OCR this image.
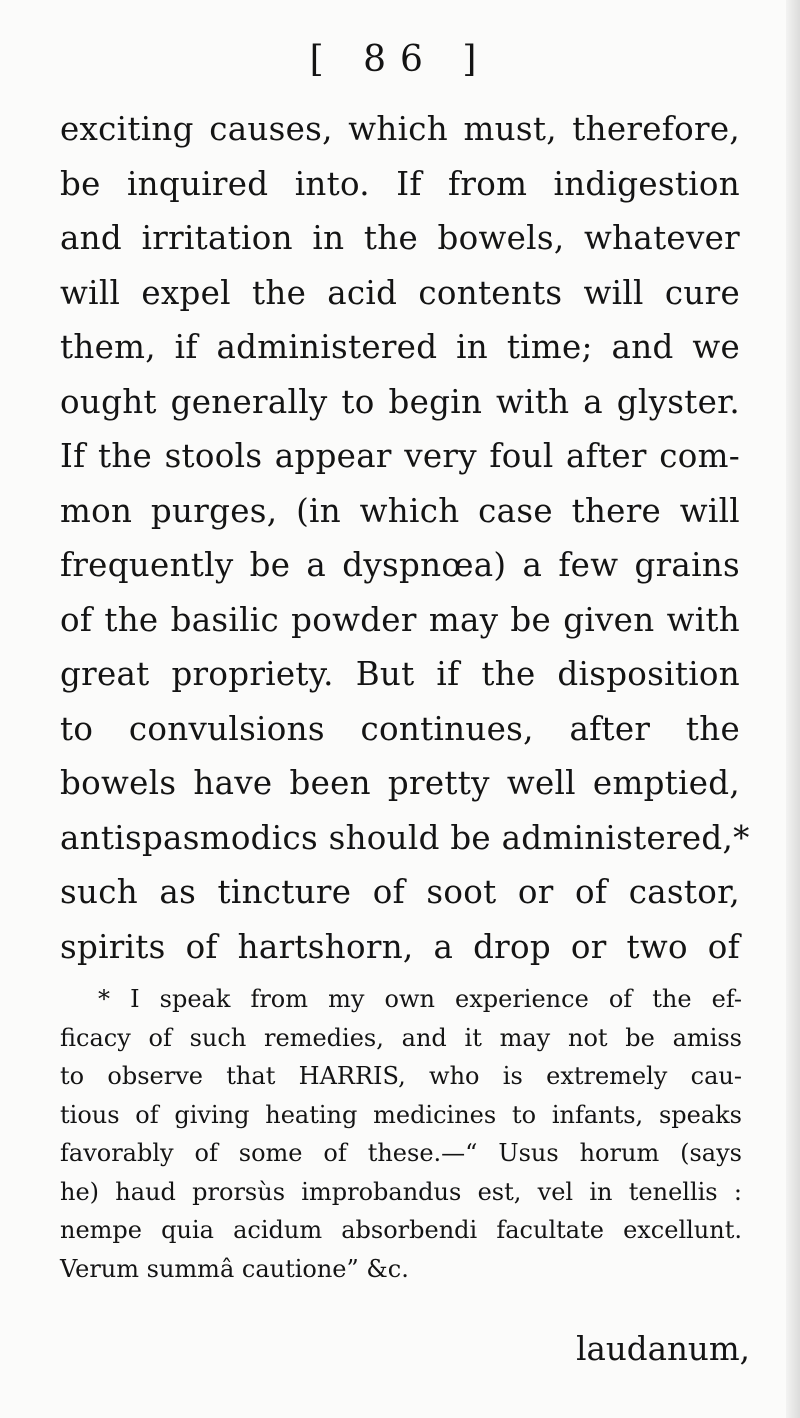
[ 86 ]
exciting causes, which must, therefore,
be inquired into. If from indigestion
and irritation in the bowels, whatever
will expel the acid contents will cure
them, if administered in time; and we
ought generally to begin with a glyster.
If the stools appear very foul after com-
mon purges, (in which case there will
frequently be a dyspnœa) a few grains
of the basilic powder may be given with
great propriety. But if the disposition
to convulsions continues, after the
bowels have been pretty well emptied,
antispasmodics should be administered,*
such as tincture of soot or of castor,
spirits of hartshorn, a drop or two of
* I speak from my own experience of the ef-
ficacy of such remedies, and it may not be amiss
to observe that HARRIS, who is extremely cau-
tious of giving heating medicines to infants, speaks
favorably of some of these.—“ Usus horum (says
he) haud prorsùs improbandus est, vel in tenellis :
nempe quia acidum absorbendi facultate excellunt.
Verum summâ cautione” &c.
laudanum,
